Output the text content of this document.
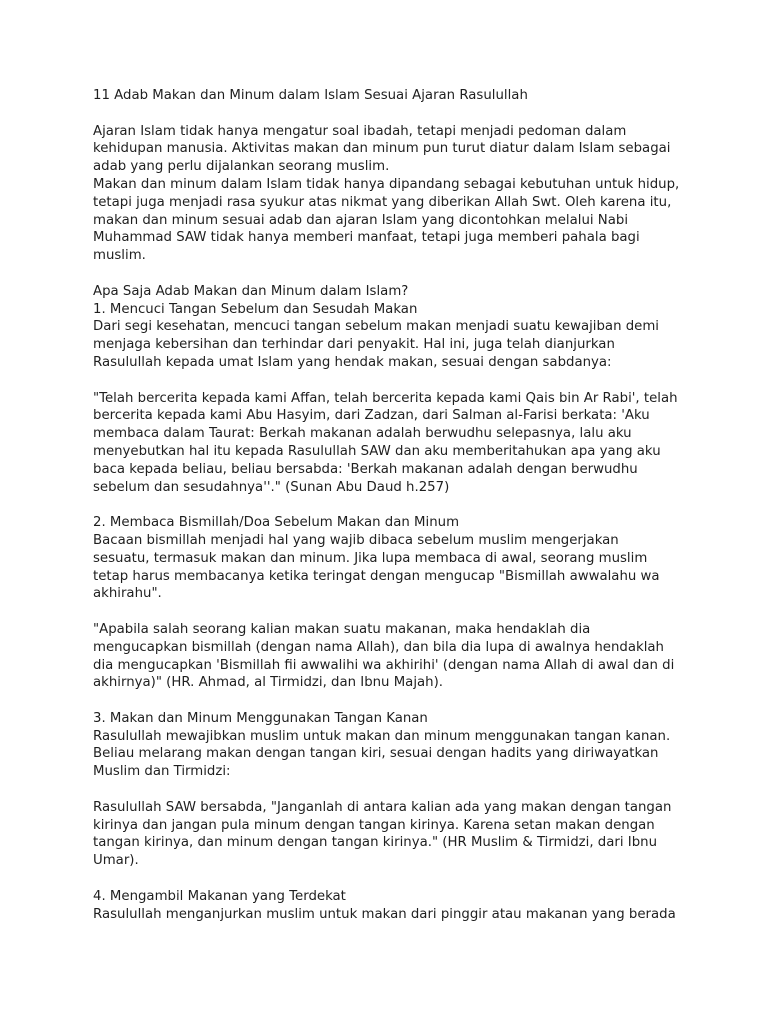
11 Adab Makan dan Minum dalam Islam Sesuai Ajaran Rasulullah
Ajaran Islam tidak hanya mengatur soal ibadah, tetapi menjadi pedoman dalam
kehidupan manusia. Aktivitas makan dan minum pun turut diatur dalam Islam sebagai
adab yang perlu dijalankan seorang muslim.
Makan dan minum dalam Islam tidak hanya dipandang sebagai kebutuhan untuk hidup,
tetapi juga menjadi rasa syukur atas nikmat yang diberikan Allah Swt. Oleh karena itu,
makan dan minum sesuai adab dan ajaran Islam yang dicontohkan melalui Nabi
Muhammad SAW tidak hanya memberi manfaat, tetapi juga memberi pahala bagi
muslim.
Apa Saja Adab Makan dan Minum dalam Islam?
1. Mencuci Tangan Sebelum dan Sesudah Makan
Dari segi kesehatan, mencuci tangan sebelum makan menjadi suatu kewajiban demi
menjaga kebersihan dan terhindar dari penyakit. Hal ini, juga telah dianjurkan
Rasulullah kepada umat Islam yang hendak makan, sesuai dengan sabdanya:
"Telah bercerita kepada kami Affan, telah bercerita kepada kami Qais bin Ar Rabi', telah
bercerita kepada kami Abu Hasyim, dari Zadzan, dari Salman al-Farisi berkata: 'Aku
membaca dalam Taurat: Berkah makanan adalah berwudhu selepasnya, lalu aku
menyebutkan hal itu kepada Rasulullah SAW dan aku memberitahukan apa yang aku
baca kepada beliau, beliau bersabda: 'Berkah makanan adalah dengan berwudhu
sebelum dan sesudahnya''." (Sunan Abu Daud h.257)
2. Membaca Bismillah/Doa Sebelum Makan dan Minum
Bacaan bismillah menjadi hal yang wajib dibaca sebelum muslim mengerjakan
sesuatu, termasuk makan dan minum. Jika lupa membaca di awal, seorang muslim
tetap harus membacanya ketika teringat dengan mengucap "Bismillah awwalahu wa
akhirahu".
"Apabila salah seorang kalian makan suatu makanan, maka hendaklah dia
mengucapkan bismillah (dengan nama Allah), dan bila dia lupa di awalnya hendaklah
dia mengucapkan 'Bismillah fii awwalihi wa akhirihi' (dengan nama Allah di awal dan di
akhirnya)" (HR. Ahmad, al Tirmidzi, dan Ibnu Majah).
3. Makan dan Minum Menggunakan Tangan Kanan
Rasulullah mewajibkan muslim untuk makan dan minum menggunakan tangan kanan.
Beliau melarang makan dengan tangan kiri, sesuai dengan hadits yang diriwayatkan
Muslim dan Tirmidzi:
Rasulullah SAW bersabda, "Janganlah di antara kalian ada yang makan dengan tangan
kirinya dan jangan pula minum dengan tangan kirinya. Karena setan makan dengan
tangan kirinya, dan minum dengan tangan kirinya." (HR Muslim & Tirmidzi, dari Ibnu
Umar).
4. Mengambil Makanan yang Terdekat
Rasulullah menganjurkan muslim untuk makan dari pinggir atau makanan yang berada
